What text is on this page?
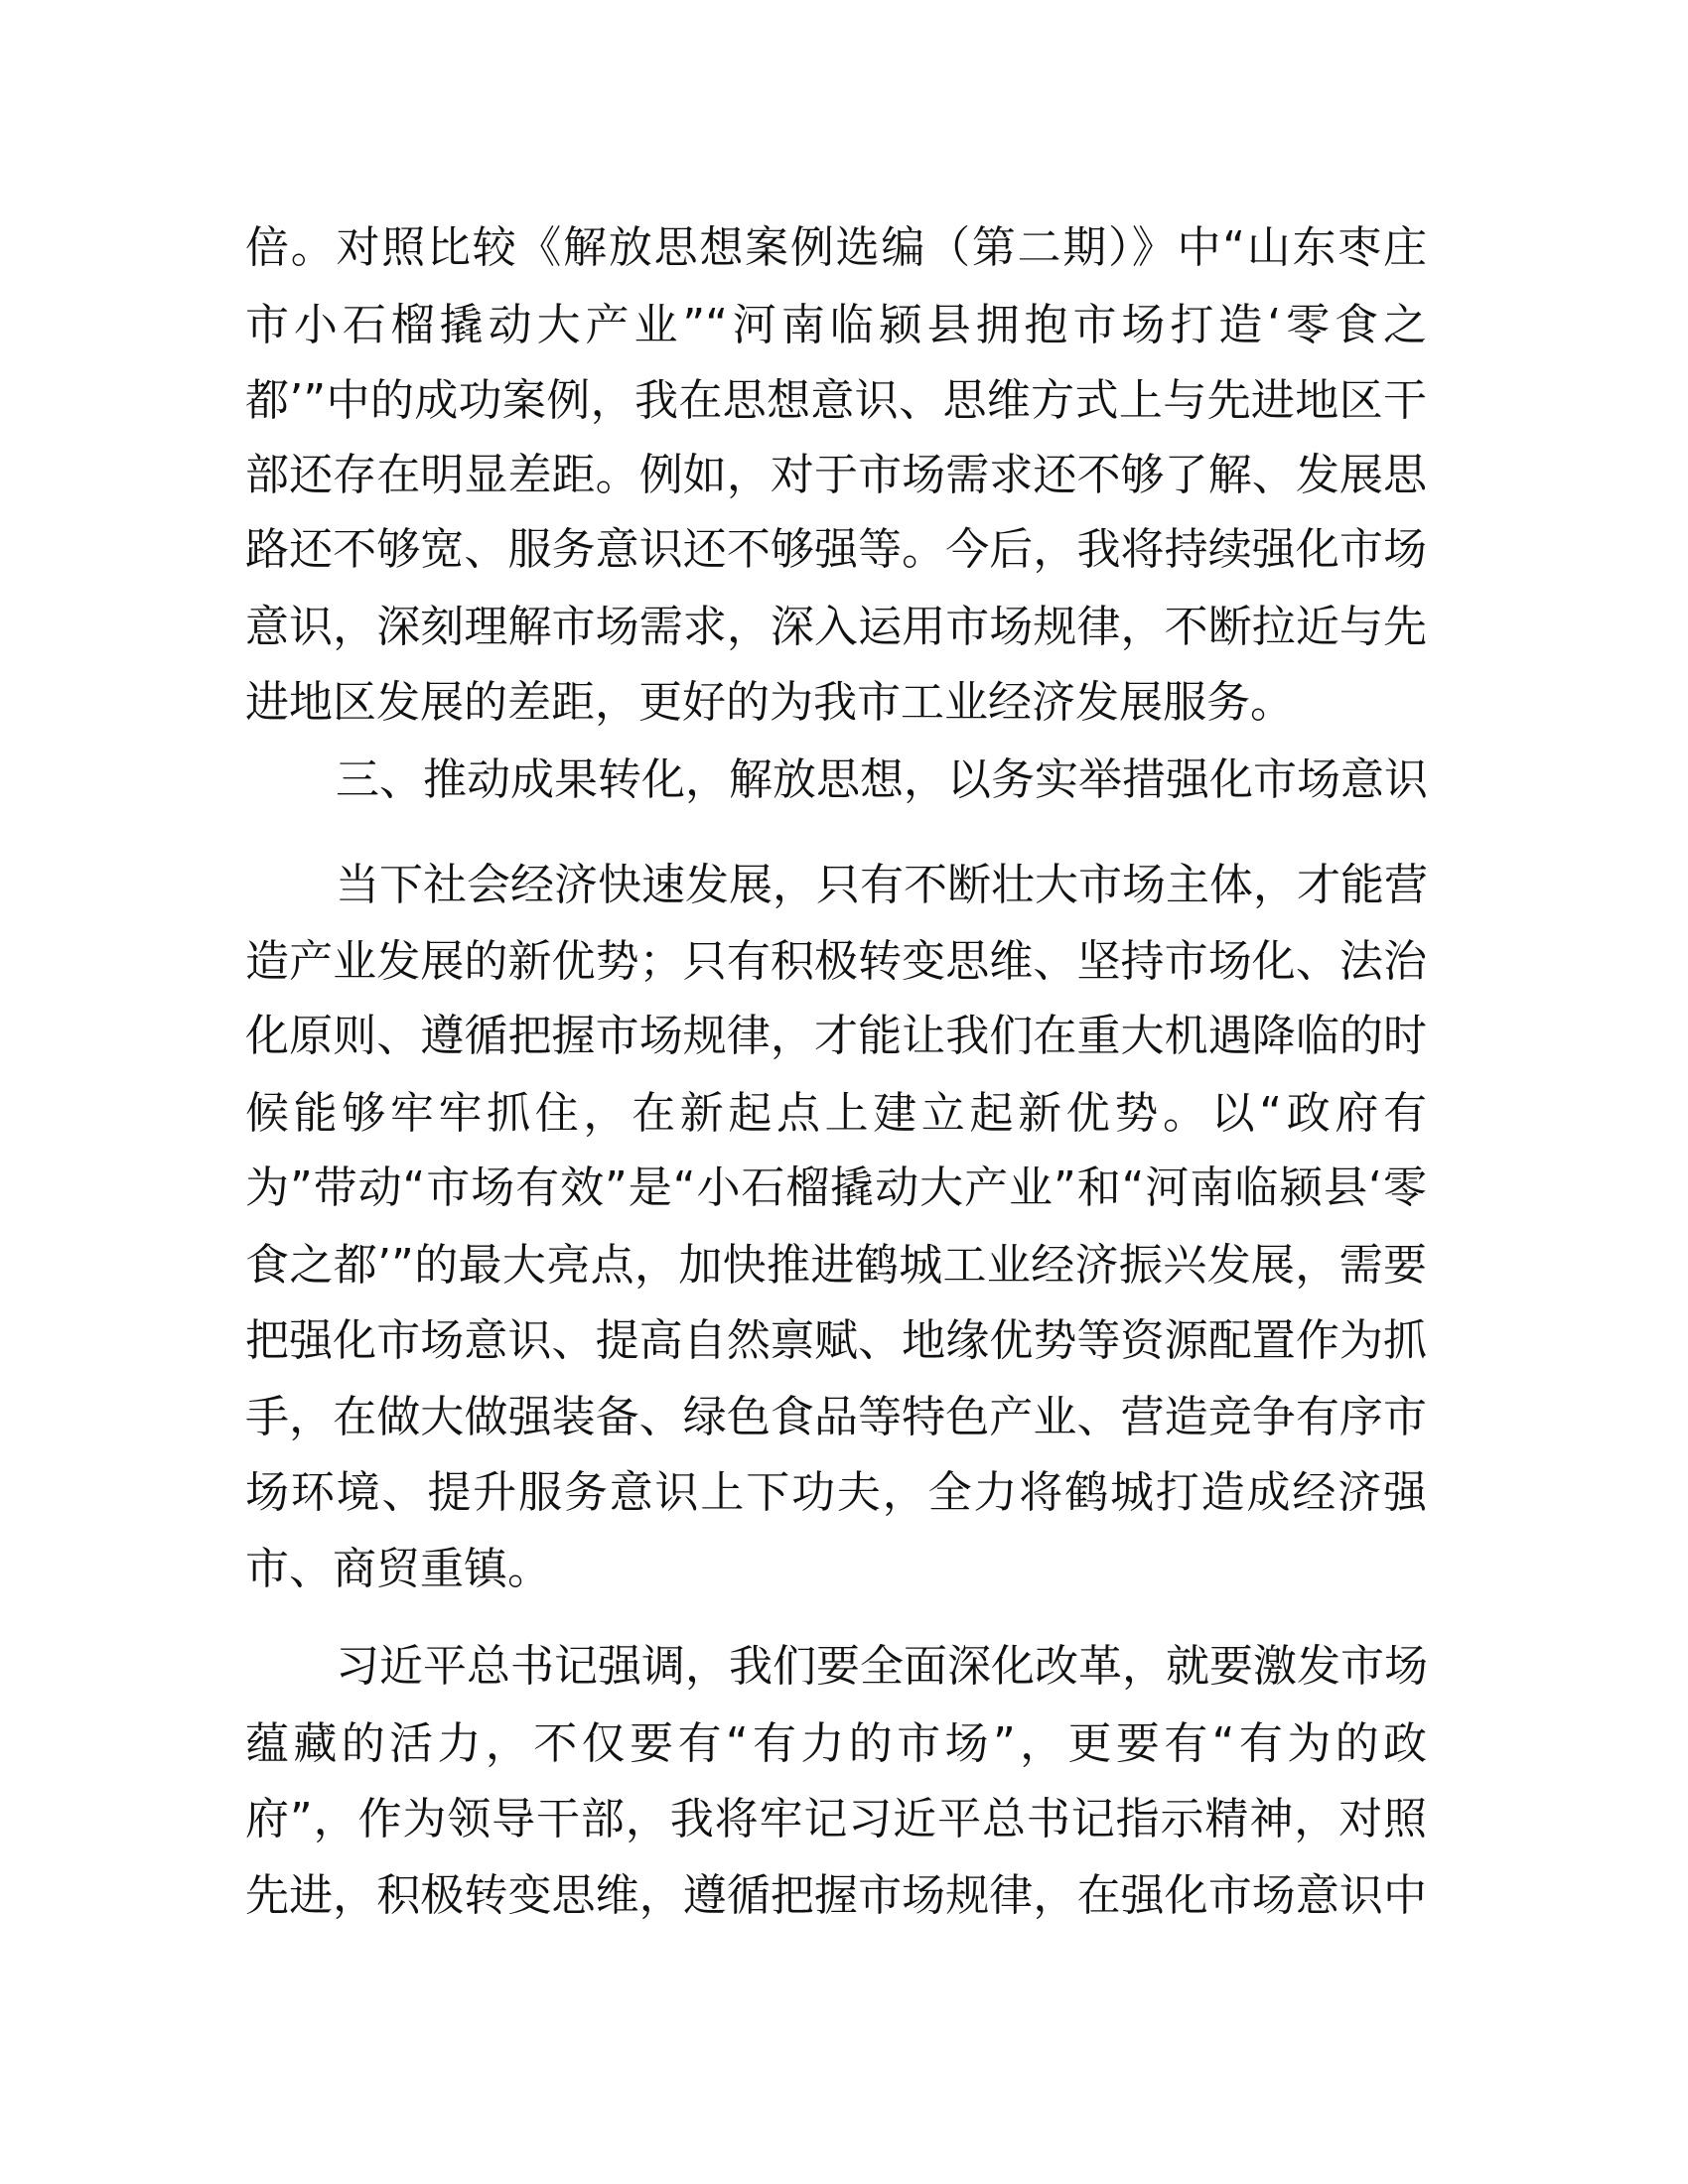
倍。对照比较《解放思想案例选编（第二期）》中“山东枣庄
市小石榴撬动大产业”“河南临颍县拥抱市场打造‘零食之
都’”中的成功案例，我在思想意识、思维方式上与先进地区干
部还存在明显差距。例如，对于市场需求还不够了解、发展思
路还不够宽、服务意识还不够强等。今后，我将持续强化市场
意识，深刻理解市场需求，深入运用市场规律，不断拉近与先
进地区发展的差距，更好的为我市工业经济发展服务。
三、推动成果转化，解放思想，以务实举措强化市场意识
当下社会经济快速发展，只有不断壮大市场主体，才能营
造产业发展的新优势；只有积极转变思维、坚持市场化、法治
化原则、遵循把握市场规律，才能让我们在重大机遇降临的时
候能够牢牢抓住，在新起点上建立起新优势。以“政府有
为”带动“市场有效”是“小石榴撬动大产业”和“河南临颍县‘零
食之都’”的最大亮点，加快推进鹤城工业经济振兴发展，需要
把强化市场意识、提高自然禀赋、地缘优势等资源配置作为抓
手，在做大做强装备、绿色食品等特色产业、营造竞争有序市
场环境、提升服务意识上下功夫，全力将鹤城打造成经济强
市、商贸重镇。
习近平总书记强调，我们要全面深化改革，就要激发市场
蕴藏的活力，不仅要有“有力的市场”，更要有“有为的政
府”，作为领导干部，我将牢记习近平总书记指示精神，对照
先进，积极转变思维，遵循把握市场规律，在强化市场意识中
